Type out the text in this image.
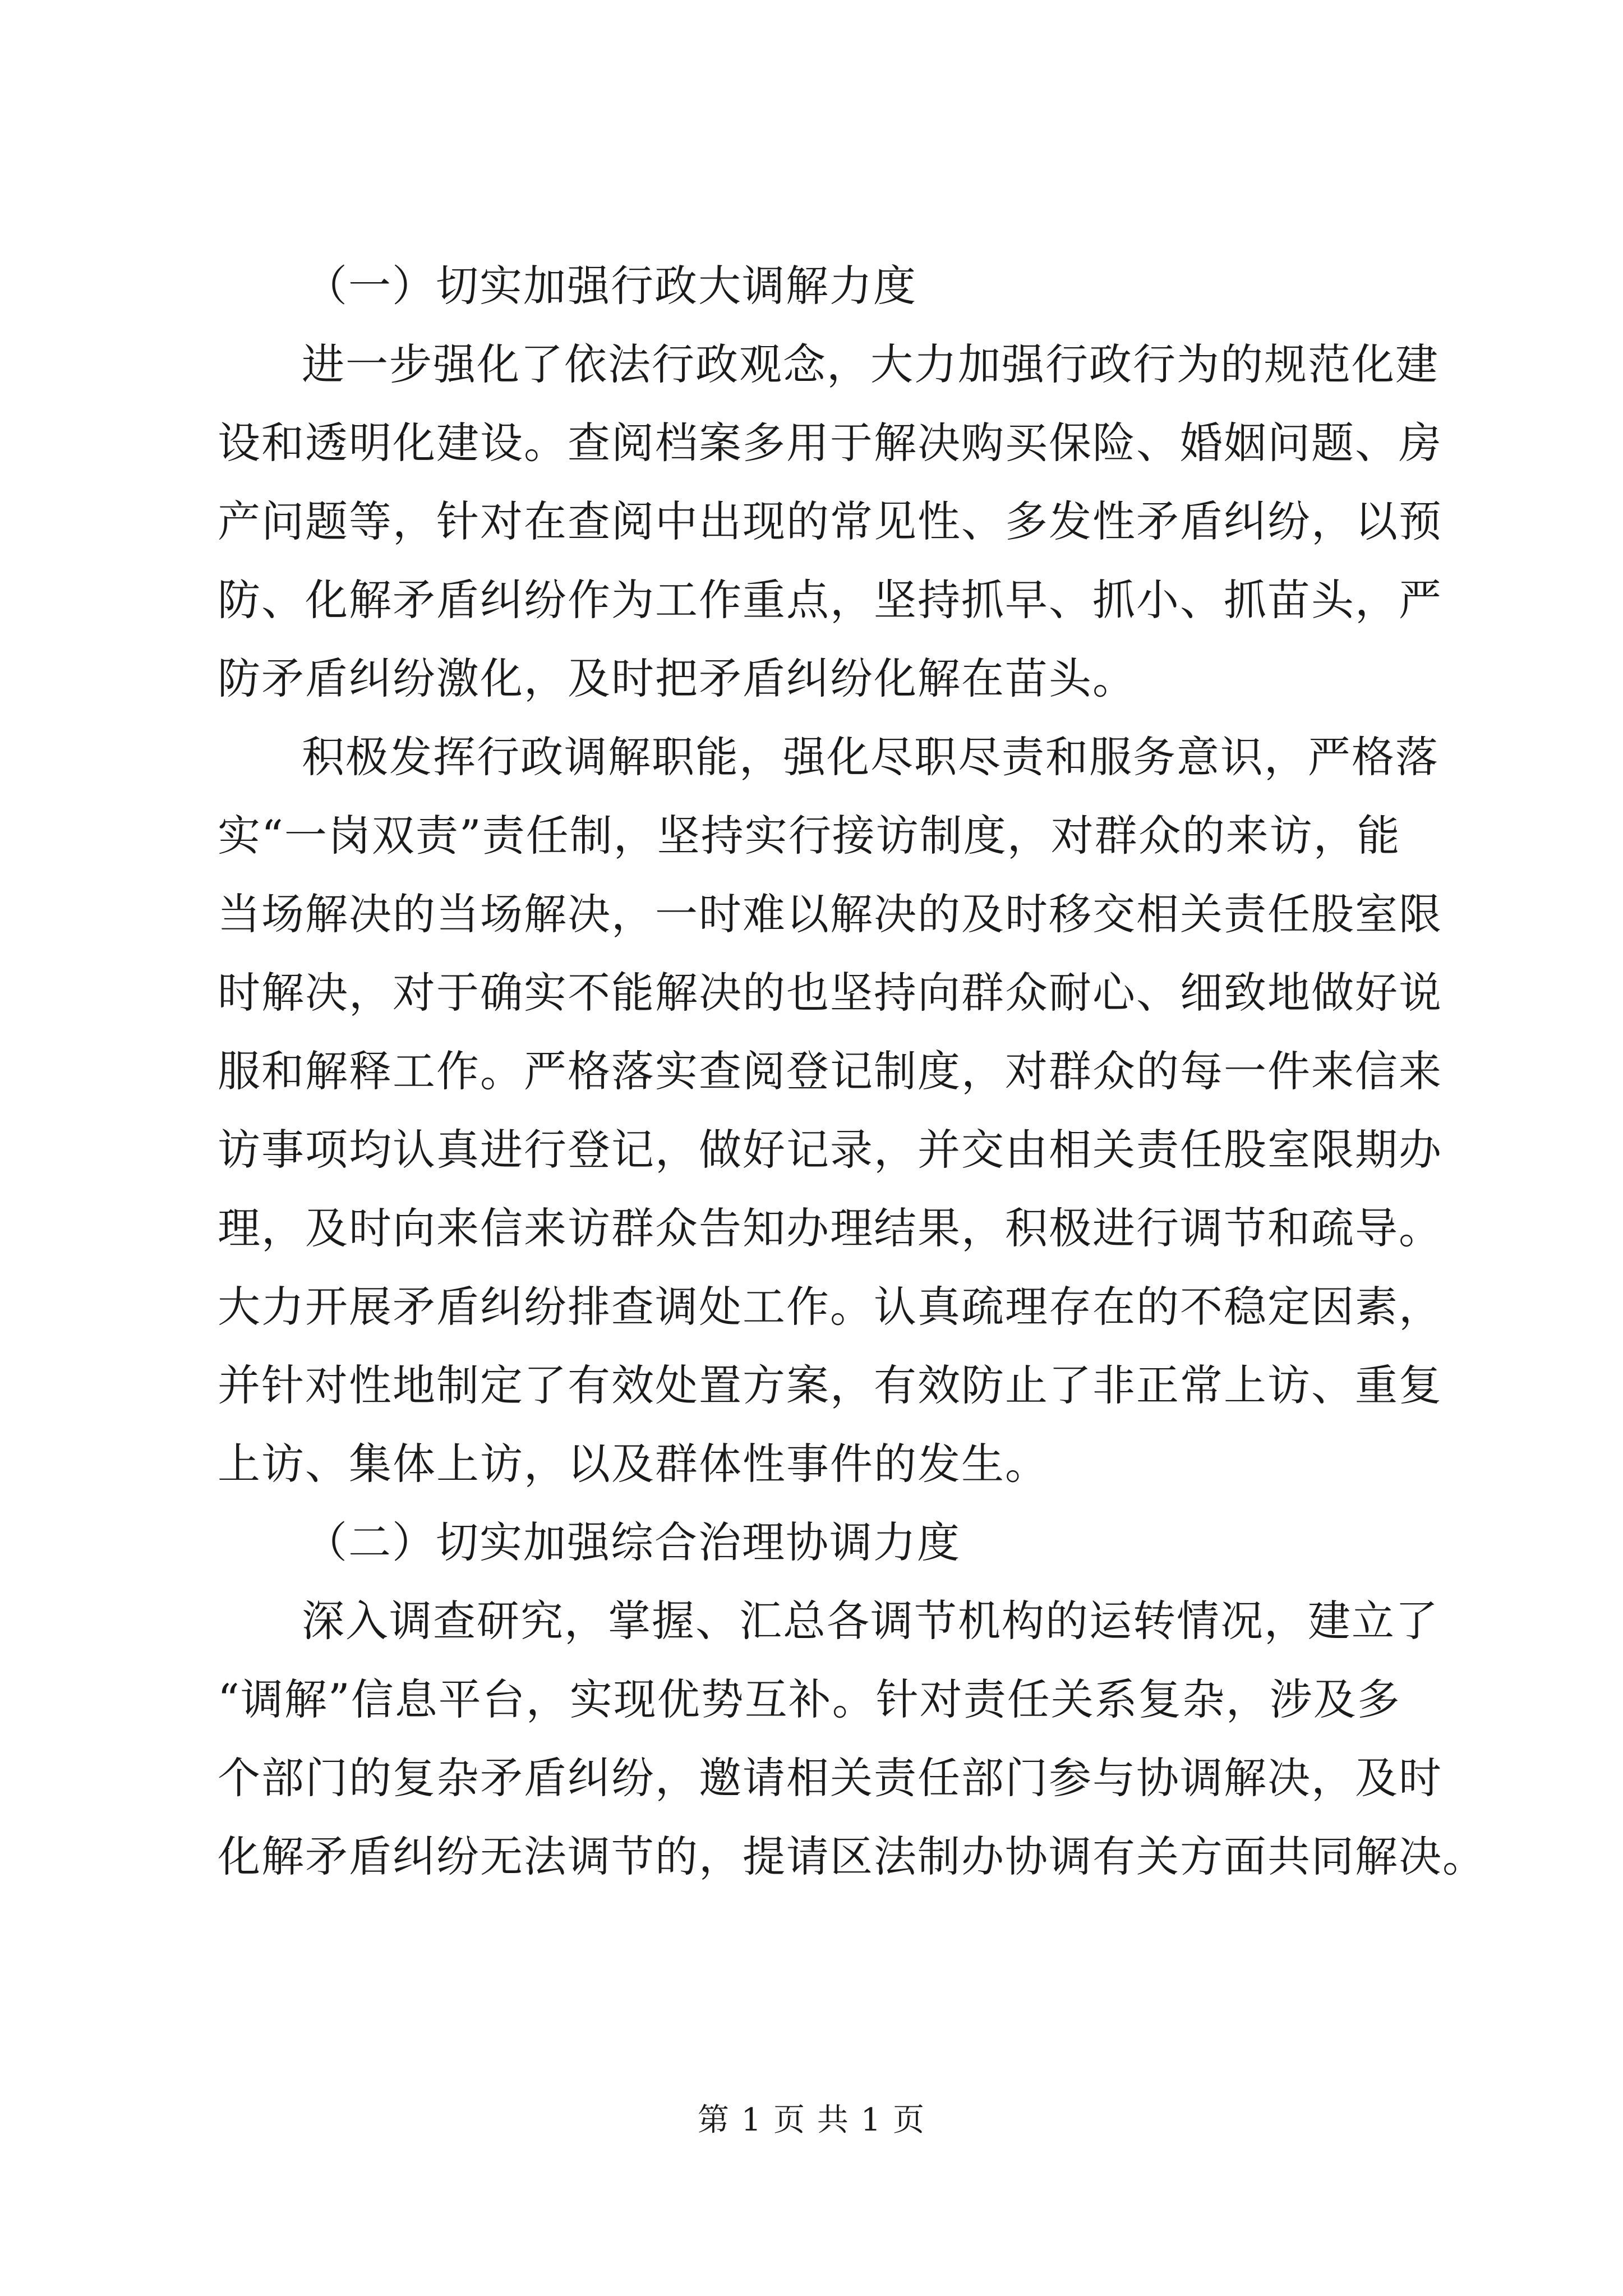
（一）切实加强行政大调解力度
进一步强化了依法行政观念，大力加强行政行为的规范化建
设和透明化建设。查阅档案多用于解决购买保险、婚姻问题、房
产问题等，针对在查阅中出现的常见性、多发性矛盾纠纷，以预
防、化解矛盾纠纷作为工作重点，坚持抓早、抓小、抓苗头，严
防矛盾纠纷激化，及时把矛盾纠纷化解在苗头。
积极发挥行政调解职能，强化尽职尽责和服务意识，严格落
实“一岗双责”责任制，坚持实行接访制度，对群众的来访，能
当场解决的当场解决，一时难以解决的及时移交相关责任股室限
时解决，对于确实不能解决的也坚持向群众耐心、细致地做好说
服和解释工作。严格落实查阅登记制度，对群众的每一件来信来
访事项均认真进行登记，做好记录，并交由相关责任股室限期办
理，及时向来信来访群众告知办理结果，积极进行调节和疏导。
大力开展矛盾纠纷排查调处工作。认真疏理存在的不稳定因素，
并针对性地制定了有效处置方案，有效防止了非正常上访、重复
上访、集体上访，以及群体性事件的发生。
（二）切实加强综合治理协调力度
深入调查研究，掌握、汇总各调节机构的运转情况，建立了
“调解”信息平台，实现优势互补。针对责任关系复杂，涉及多
个部门的复杂矛盾纠纷，邀请相关责任部门参与协调解决，及时
化解矛盾纠纷无法调节的，提请区法制办协调有关方面共同解决。
第 1 页 共 1 页
